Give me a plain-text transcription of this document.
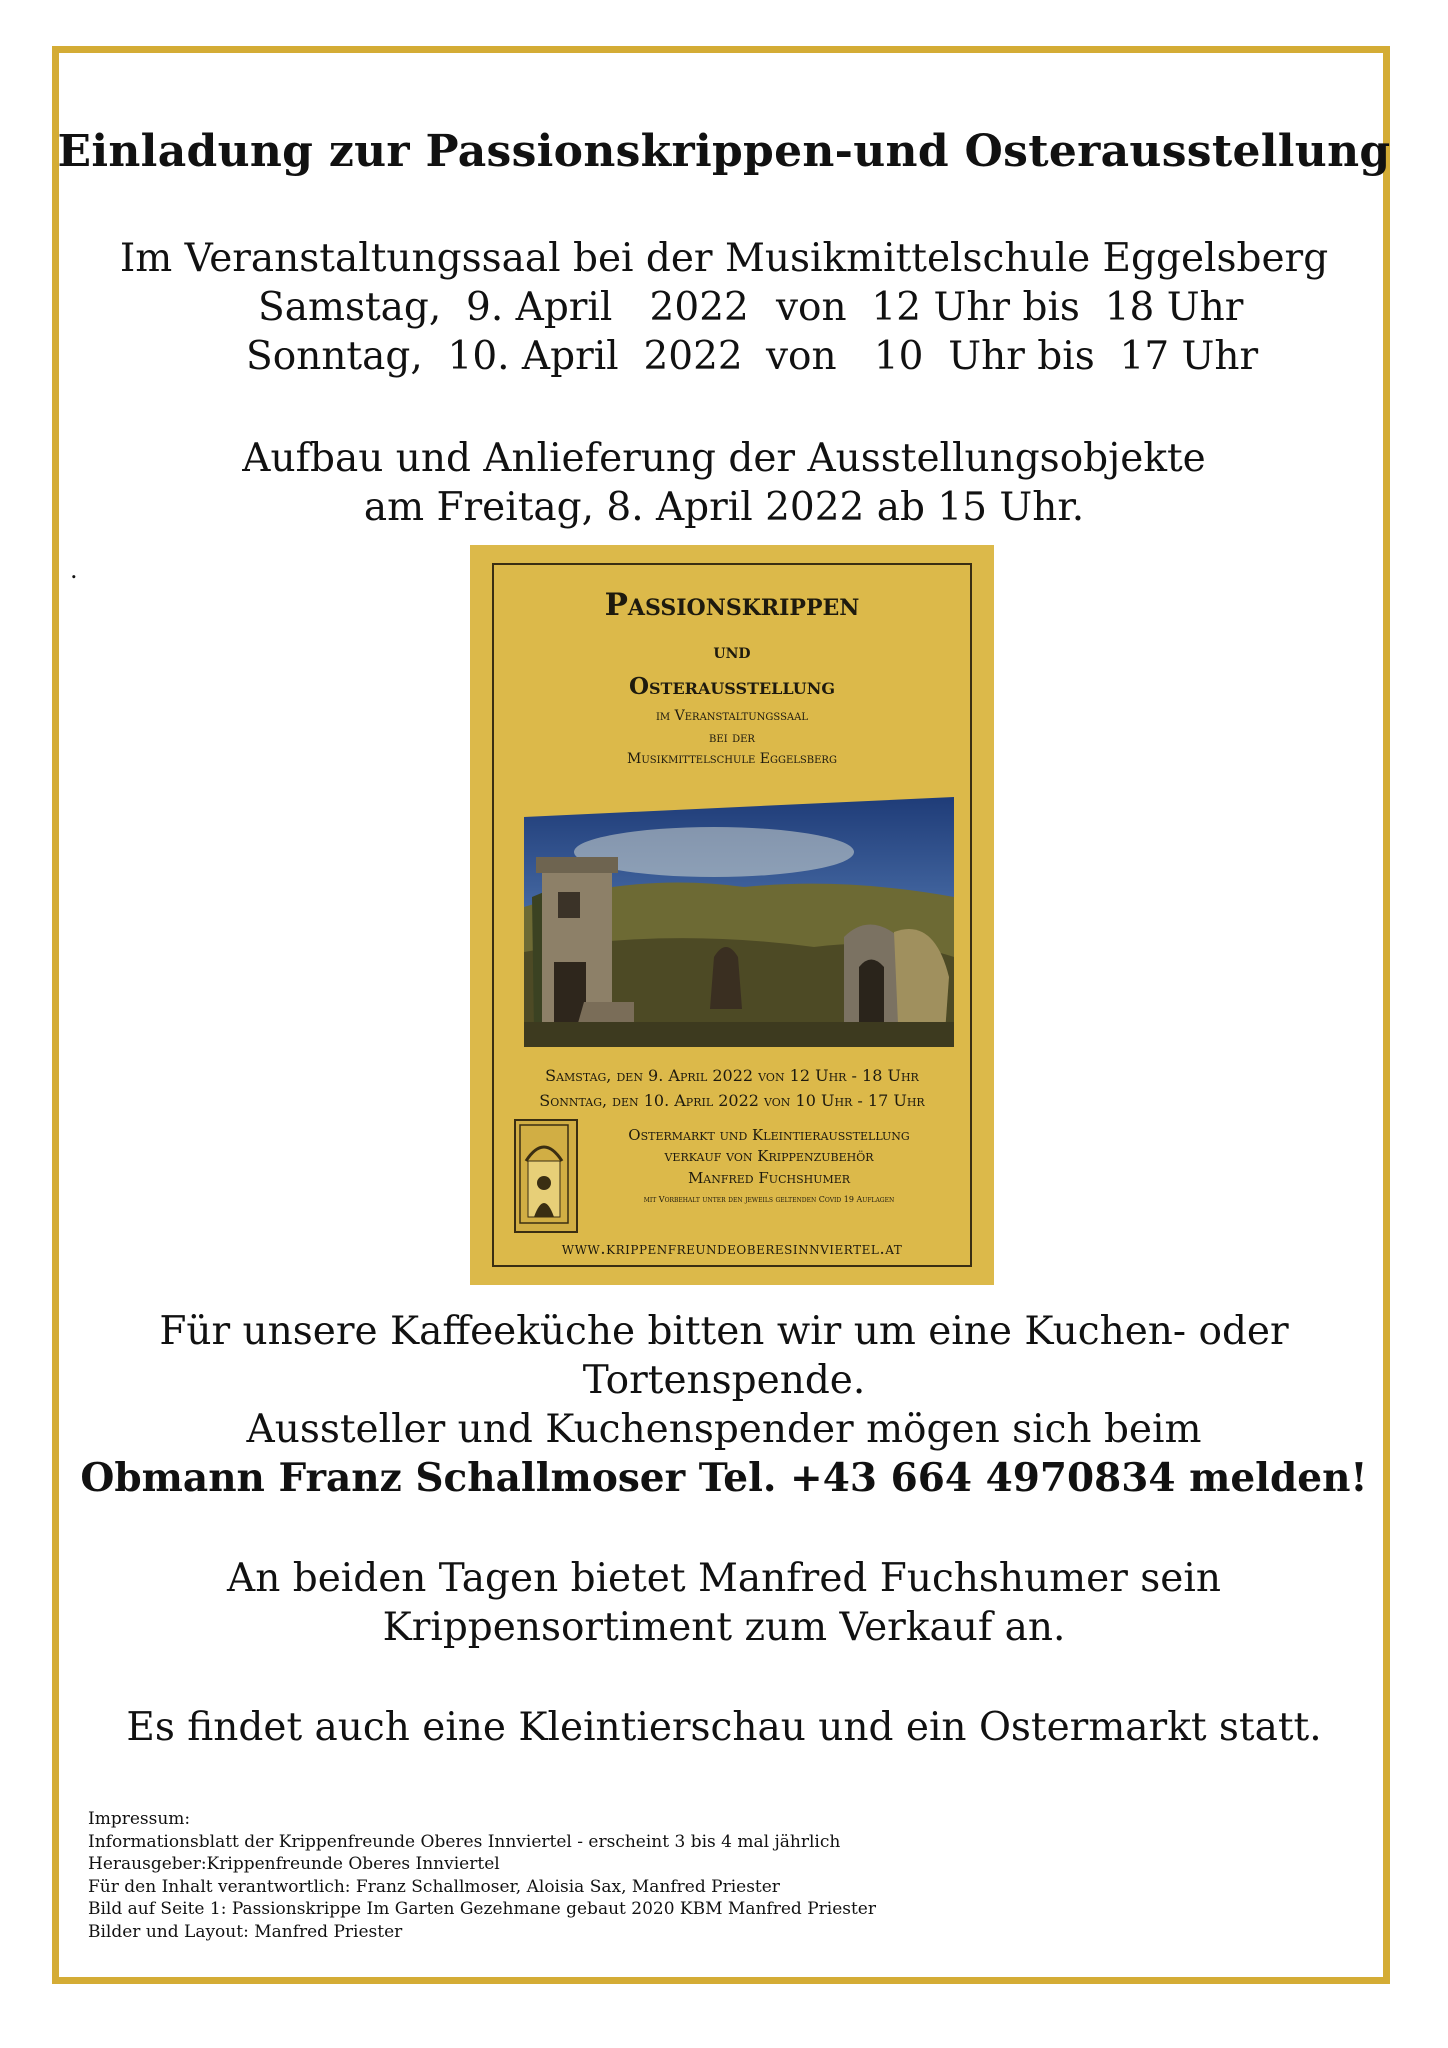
Einladung zur Passionskrippen-und Osterausstellung
Im Veranstaltungssaal bei der Musikmittelschule Eggelsberg
Samstag,  9. April   2022 von  12 Uhr bis  18 Uhr
Sonntag,  10. April  2022 von   10  Uhr bis  17 Uhr
Aufbau und Anlieferung der Ausstellungsobjekte
am Freitag, 8. April 2022 ab 15 Uhr.
.
Passionskrippen
und
Osterausstellung
im Veranstaltungssaal
bei der
Musikmittelschule Eggelsberg
Samstag, den 9. April 2022 von 12 Uhr - 18 Uhr
Sonntag, den 10. April 2022 von 10 Uhr - 17 Uhr
Ostermarkt und Kleintierausstellung
verkauf von Krippenzubehör
Manfred Fuchshumer
mit Vorbehalt unter den jeweils geltenden Covid 19 Auflagen
www.krippenfreundeoberesinnviertel.at
Für unsere Kaffeeküche bitten wir um eine Kuchen- oder
Tortenspende.
Aussteller und Kuchenspender mögen sich beim
Obmann Franz Schallmoser Tel. +43 664 4970834 melden!
An beiden Tagen bietet Manfred Fuchshumer sein
Krippensortiment zum Verkauf an.
Es findet auch eine Kleintierschau und ein Ostermarkt statt.
Impressum:
Informationsblatt der Krippenfreunde Oberes Innviertel - erscheint 3 bis 4 mal jährlich
Herausgeber:Krippenfreunde Oberes Innviertel
Für den Inhalt verantwortlich: Franz Schallmoser, Aloisia Sax, Manfred Priester
Bild auf Seite 1: Passionskrippe Im Garten Gezehmane gebaut 2020 KBM Manfred Priester
Bilder und Layout: Manfred Priester
